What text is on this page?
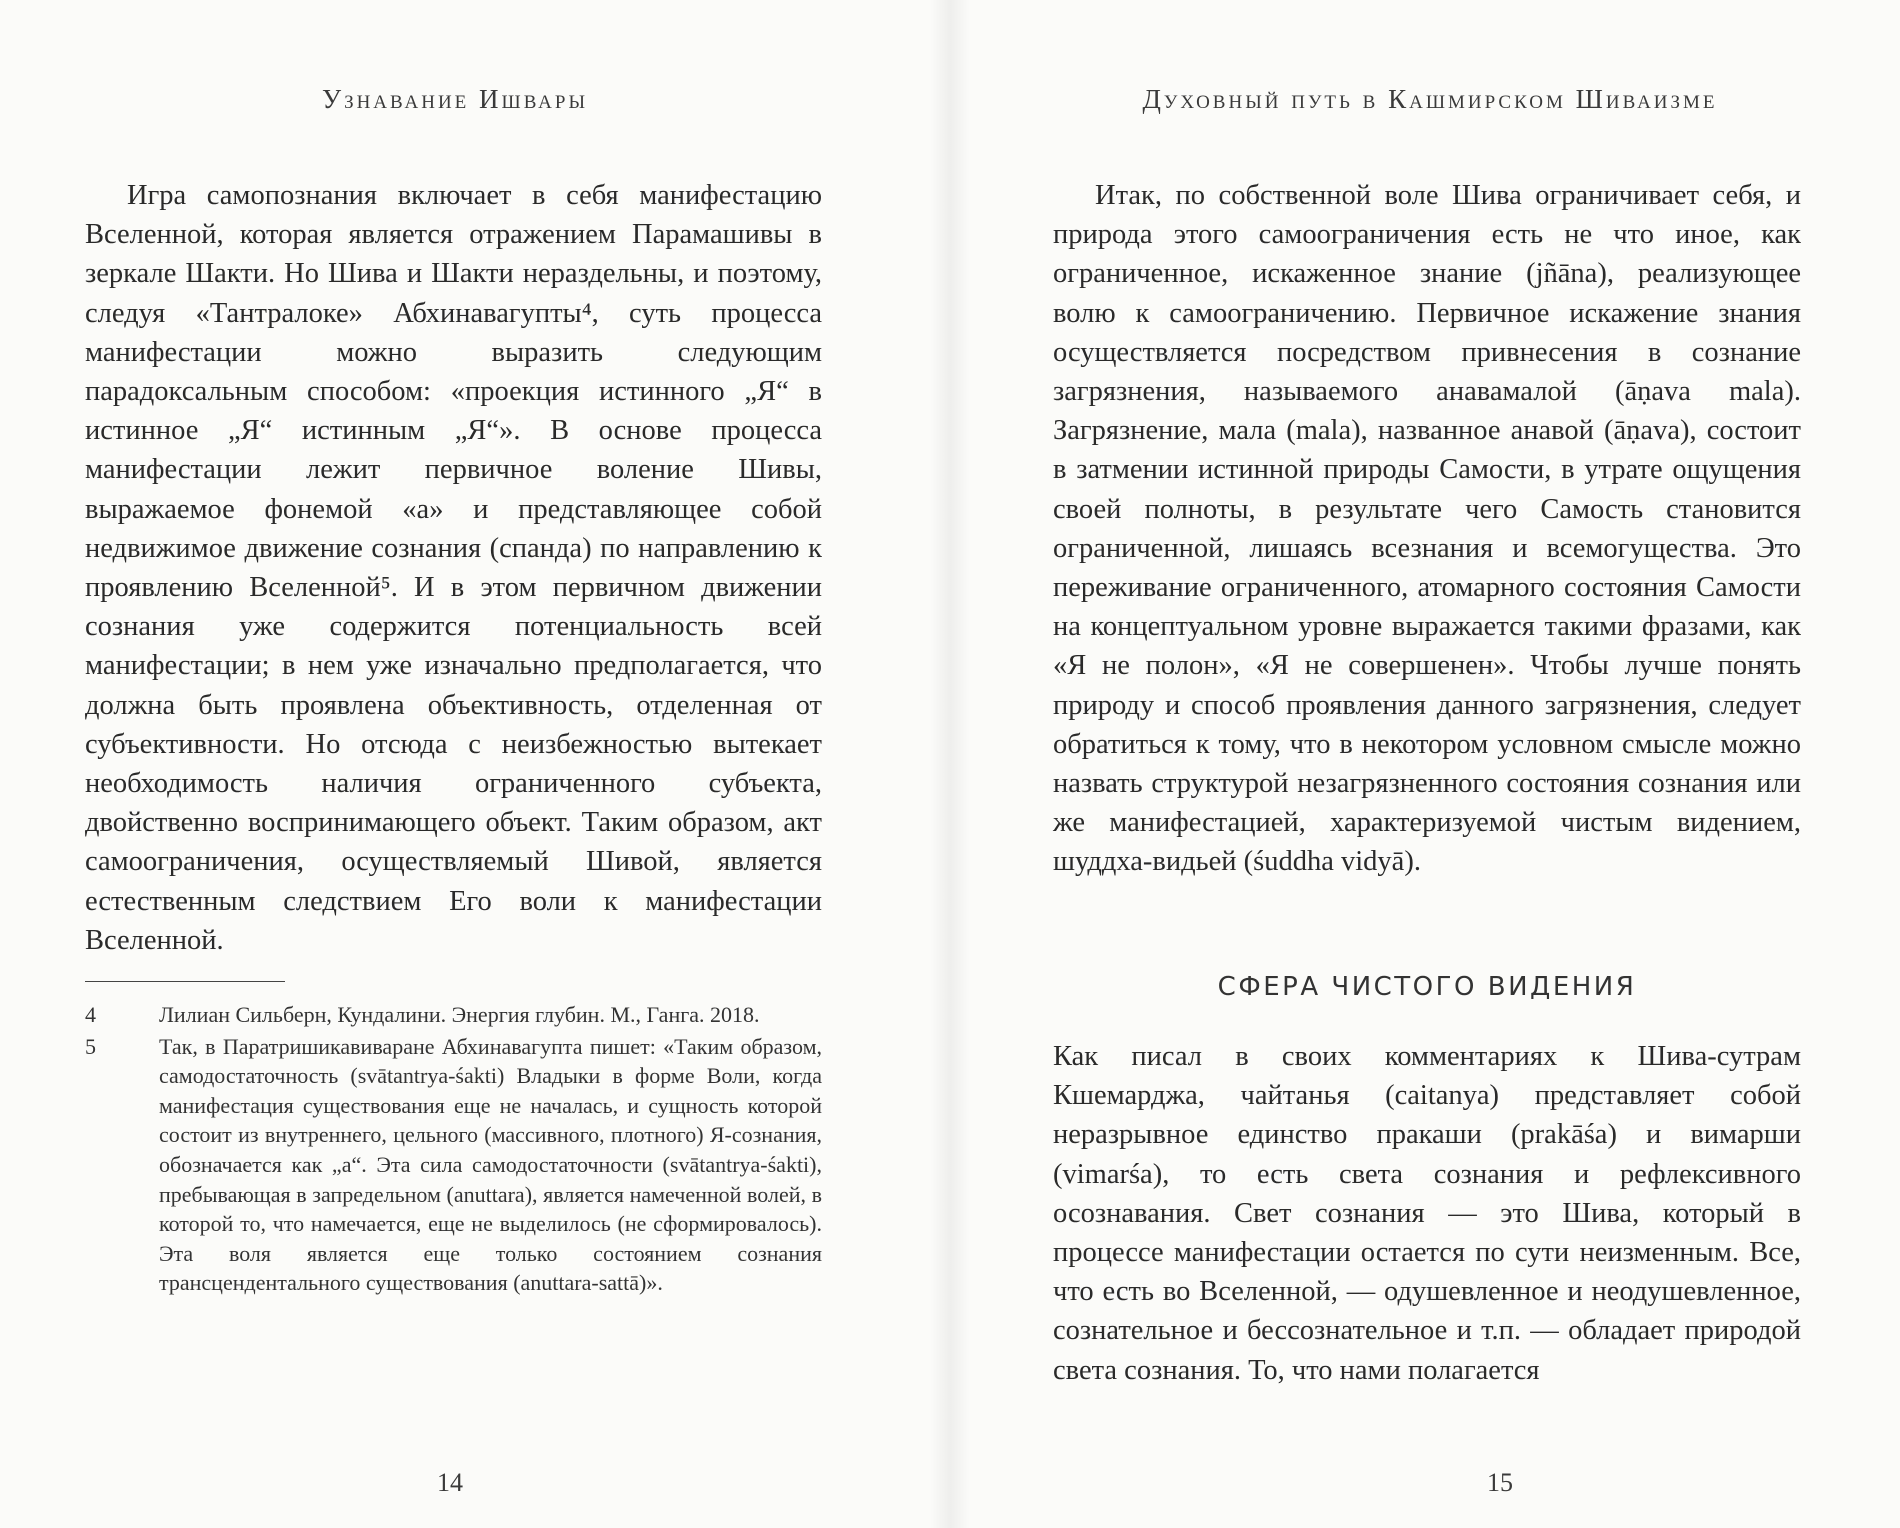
Узнавание Ишвары

Игра самопознания включает в себя манифестацию Вселенной, которая является отражением Парамашивы в зеркале Шакти. Но Шива и Шакти нераздельны, и поэтому, следуя «Тантралоке» Абхинавагупты⁴, суть процесса манифестации можно выразить следующим парадоксальным способом: «проекция истинного „Я“ в истинное „Я“ истинным „Я“». В основе процесса манифестации лежит первичное воление Шивы, выражаемое фонемой «а» и представляющее собой недвижимое движение сознания (спанда) по направлению к проявлению Вселенной⁵. И в этом первичном движении сознания уже содержится потенциальность всей манифестации; в нем уже изначально предполагается, что должна быть проявлена объективность, отделенная от субъективности. Но отсюда с неизбежностью вытекает необходимость наличия ограниченного субъекта, двойственно воспринимающего объект. Таким образом, акт самоограничения, осуществляемый Шивой, является естественным следствием Его воли к манифестации Вселенной.

4	Лилиан Сильберн, Кундалини. Энергия глубин. М., Ганга. 2018.
5	Так, в Паратришикавиваране Абхинавагупта пишет: «Таким образом, самодостаточность (svātantrya-śakti) Владыки в форме Воли, когда манифестация существования еще не началась, и сущность которой состоит из внутреннего, цельного (массивного, плотного) Я-сознания, обозначается как „а“. Эта сила самодостаточности (svātantrya-śakti), пребывающая в запредельном (anuttara), является намеченной волей, в которой то, что намечается, еще не выделилось (не сформировалось). Эта воля является еще только состоянием сознания трансцендентального существования (anuttara-sattā)».
14
Духовный путь в Кашмирском Шиваизме

Итак, по собственной воле Шива ограничивает себя, и природа этого самоограничения есть не что иное, как ограниченное, искаженное знание (jñāna), реализующее волю к самоограничению. Первичное искажение знания осуществляется посредством привнесения в сознание загрязнения, называемого анавамалой (āṇava mala). Загрязнение, мала (mala), названное анавой (āṇava), состоит в затмении истинной природы Самости, в утрате ощущения своей полноты, в результате чего Самость становится ограниченной, лишаясь всезнания и всемогущества. Это переживание ограниченного, атомарного состояния Самости на концептуальном уровне выражается такими фразами, как «Я не полон», «Я не совершенен». Чтобы лучше понять природу и способ проявления данного загрязнения, следует обратиться к тому, что в некотором условном смысле можно назвать структурой незагрязненного состояния сознания или же манифестацией, характеризуемой чистым видением, шуддха-видьей (śuddha vidyā).

СФЕРА ЧИСТОГО ВИДЕНИЯ

Как писал в своих комментариях к Шива-сутрам Кшемарджа, чайтанья (caitanya) представляет собой неразрывное единство пракаши (prakāśa) и вимарши (vimarśa), то есть света сознания и рефлексивного осознавания. Свет сознания — это Шива, который в процессе манифестации остается по сути неизменным. Все, что есть во Вселенной, — одушевленное и неодушевленное, сознательное и бессознательное и т.п. — обладает природой света сознания. То, что нами полагается

15
